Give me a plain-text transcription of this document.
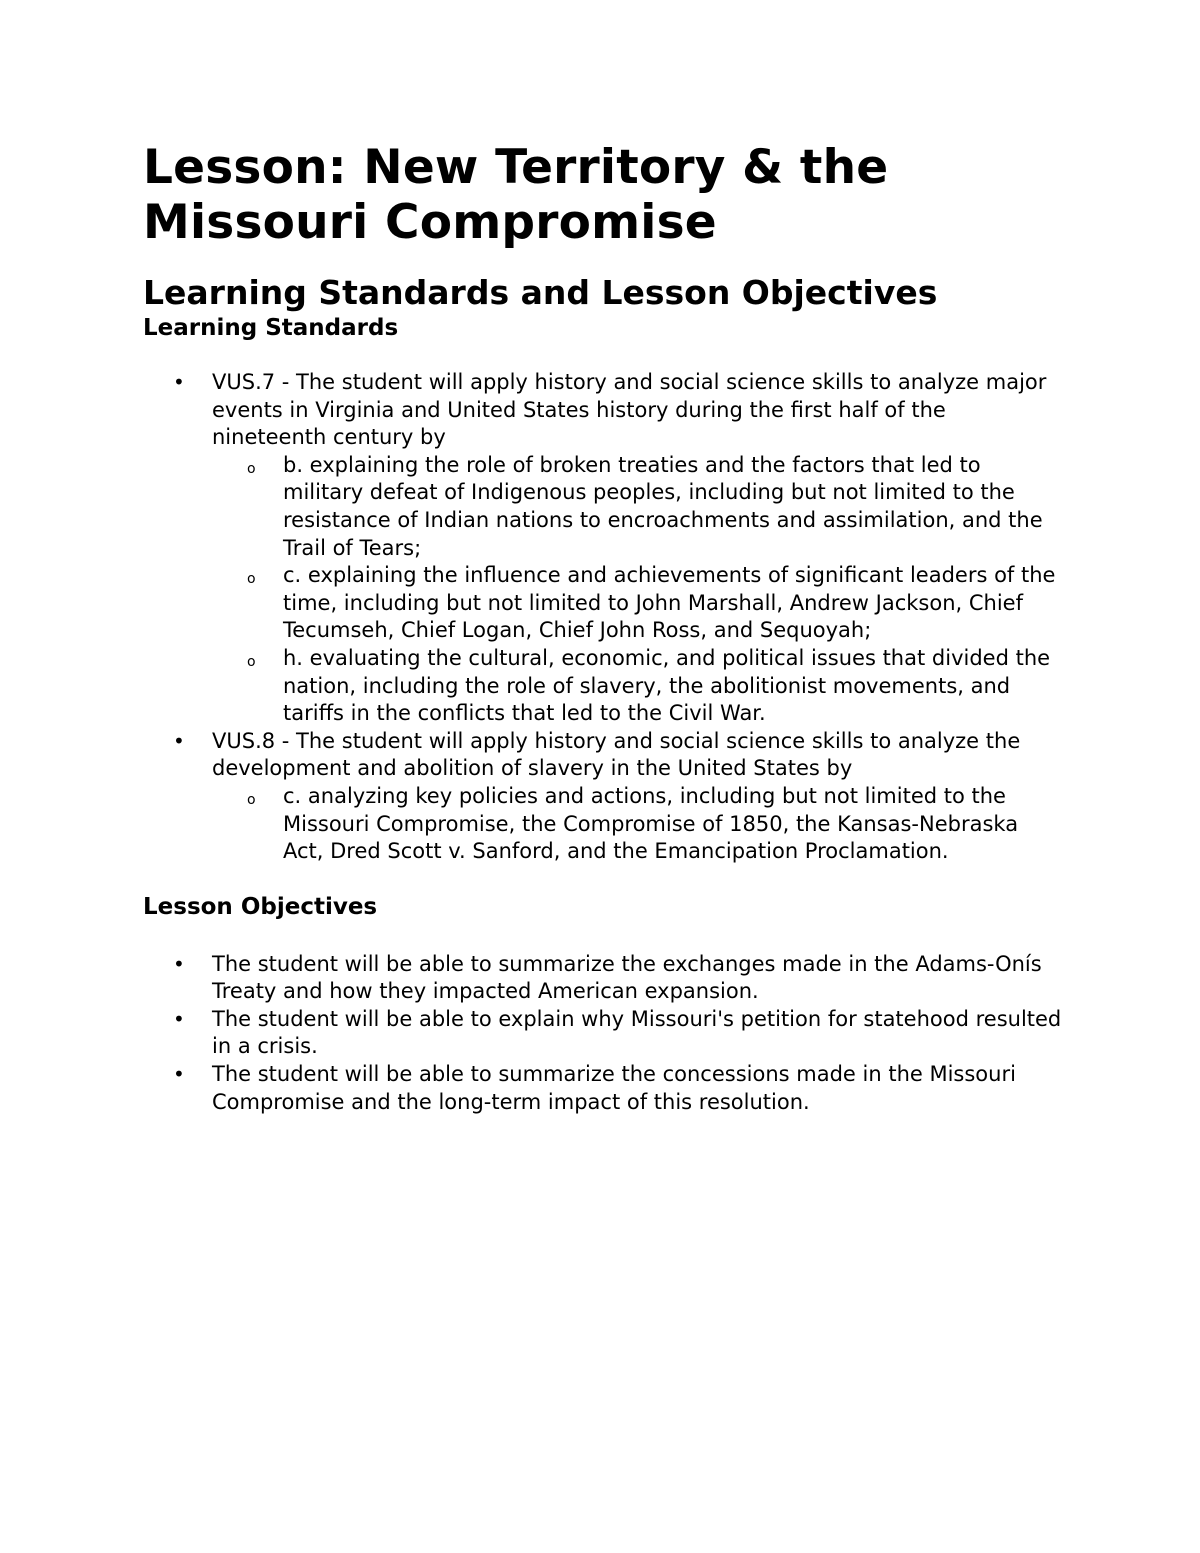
Lesson: New Territory & the Missouri Compromise
Learning Standards and Lesson Objectives
Learning Standards
• VUS.7 - The student will apply history and social science skills to analyze major events in Virginia and United States history during the first half of the nineteenth century by
o b. explaining the role of broken treaties and the factors that led to military defeat of Indigenous peoples, including but not limited to the resistance of Indian nations to encroachments and assimilation, and the Trail of Tears;
o c. explaining the influence and achievements of significant leaders of the time, including but not limited to John Marshall, Andrew Jackson, Chief Tecumseh, Chief Logan, Chief John Ross, and Sequoyah;
o h. evaluating the cultural, economic, and political issues that divided the nation, including the role of slavery, the abolitionist movements, and tariffs in the conflicts that led to the Civil War.
• VUS.8 - The student will apply history and social science skills to analyze the development and abolition of slavery in the United States by
o c. analyzing key policies and actions, including but not limited to the Missouri Compromise, the Compromise of 1850, the Kansas-Nebraska Act, Dred Scott v. Sanford, and the Emancipation Proclamation.
Lesson Objectives
• The student will be able to summarize the exchanges made in the Adams-Onís Treaty and how they impacted American expansion.
• The student will be able to explain why Missouri's petition for statehood resulted in a crisis.
• The student will be able to summarize the concessions made in the Missouri Compromise and the long-term impact of this resolution.
